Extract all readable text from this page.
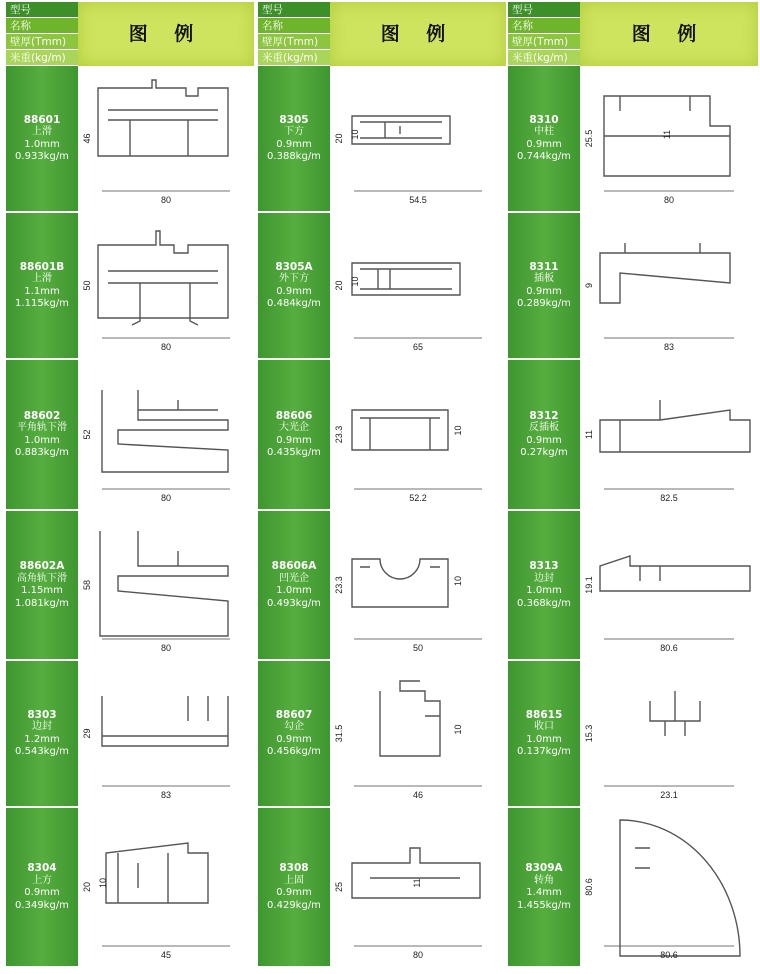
型号
名称
壁厚(Tmm)
米重(kg/m)
图 例
型号
名称
壁厚(Tmm)
米重(kg/m)
图 例
型号
名称
壁厚(Tmm)
米重(kg/m)
图 例
88601
上滑
1.0mm
0.933kg/m
46
80
88601B
上滑
1.1mm
1.115kg/m
50
80
88602
平角轨下滑
1.0mm
0.883kg/m
52
80
88602A
高角轨下滑
1.15mm
1.081kg/m
58
80
8303
边封
1.2mm
0.543kg/m
29
83
8304
上方
0.9mm
0.349kg/m
20 10
45
8305
下方
0.9mm
0.388kg/m
20 10
54.5
8305A
外下方
0.9mm
0.484kg/m
20 10
65
88606
大光企
0.9mm
0.435kg/m
23.3	10
52.2
88606A
凹光企
1.0mm
0.493kg/m
23.3	10
50
88607
勾企
0.9mm
0.456kg/m
31.5	10
46
8308
上固
0.9mm
0.429kg/m
25	11
80
8310
中柱
0.9mm
0.744kg/m
25.5	11
80
8311
插板
0.9mm
0.289kg/m
9
83
8312
反插板
0.9mm
0.27kg/m
11
82.5
8313
边封
1.0mm
0.368kg/m
19.1
80.6
88615
收口
1.0mm
0.137kg/m
15.3
23.1
8309A
转角
1.4mm
1.455kg/m
80.6
80.6
